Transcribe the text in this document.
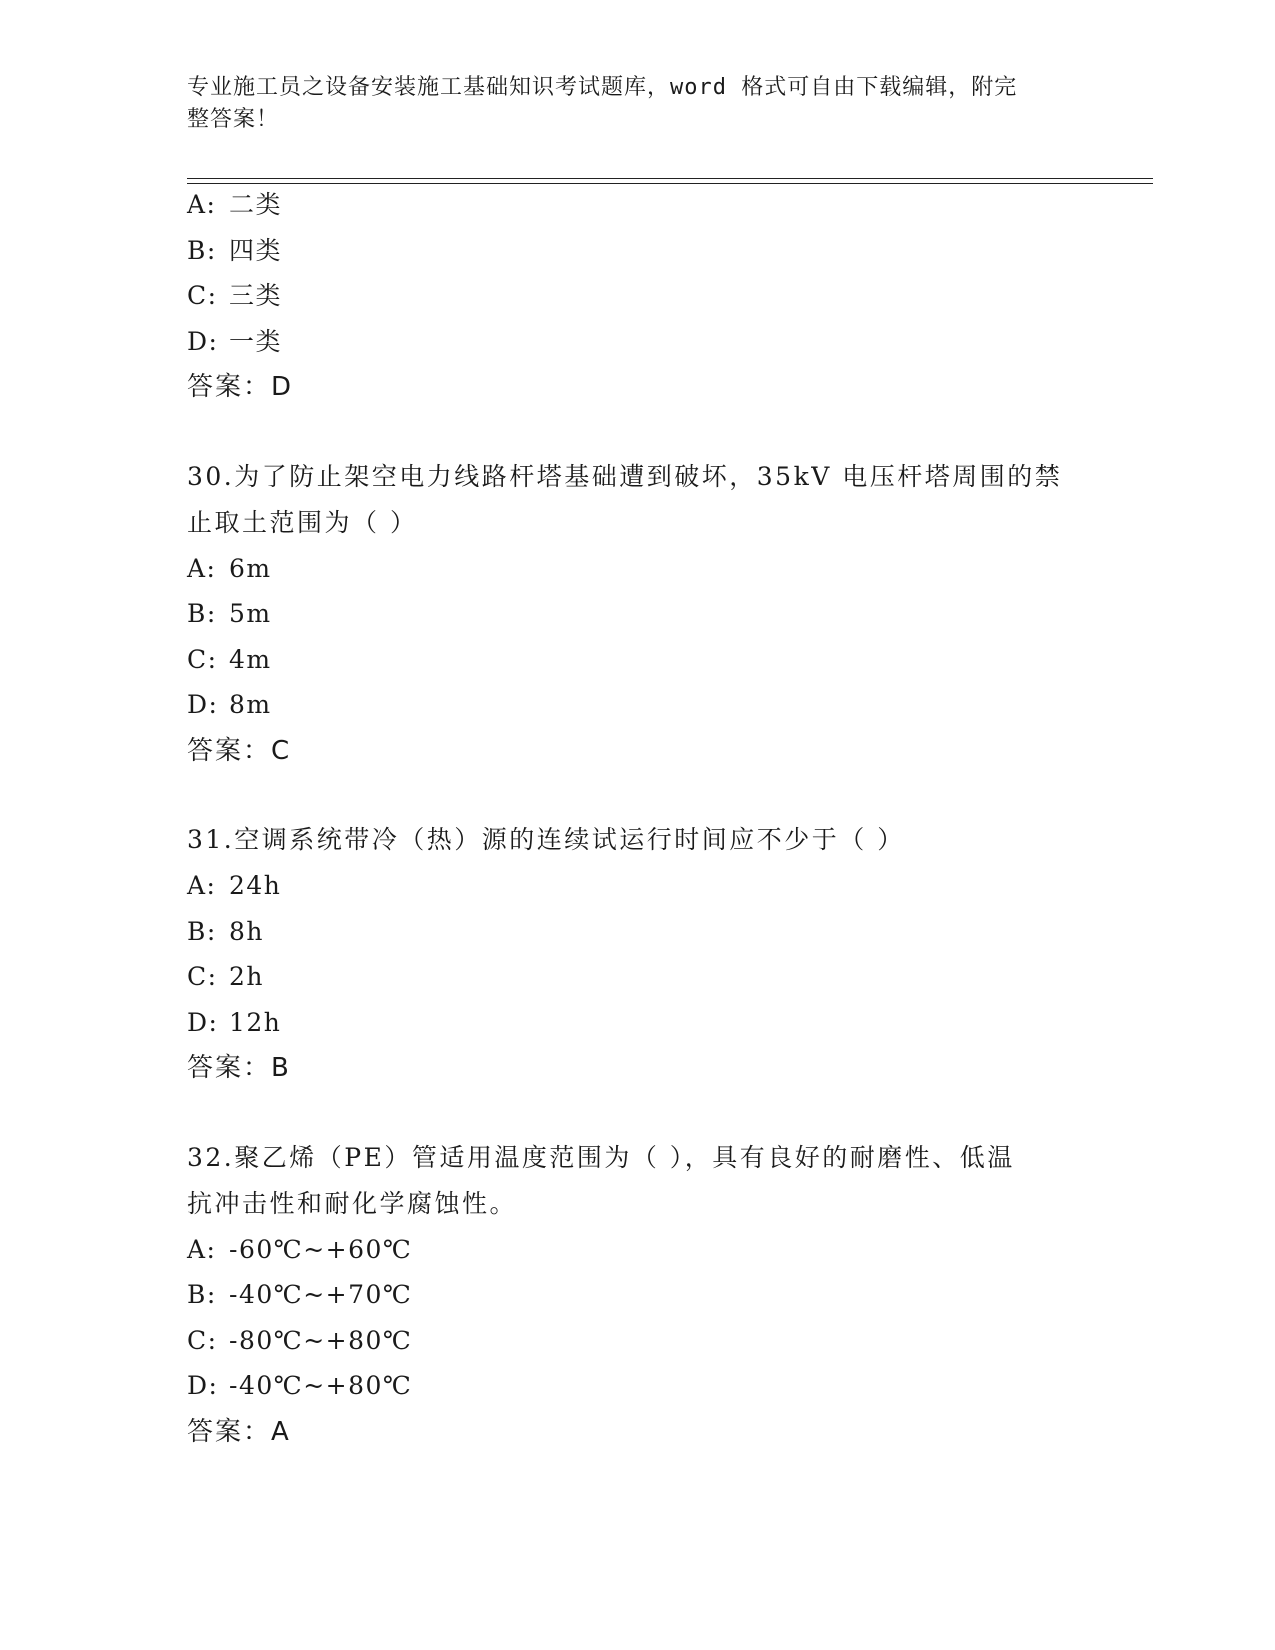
专业施工员之设备安装施工基础知识考试题库，word 格式可自由下载编辑，附完
整答案！
A: 二类
B: 四类
C: 三类
D: 一类
答案：D
30.为了防止架空电力线路杆塔基础遭到破坏，35kV 电压杆塔周围的禁
止取土范围为（ ）
A: 6m
B: 5m
C: 4m
D: 8m
答案：C
31.空调系统带冷（热）源的连续试运行时间应不少于（ ）
A: 24h
B: 8h
C: 2h
D: 12h
答案：B
32.聚乙烯（PE）管适用温度范围为（ ），具有良好的耐磨性、低温
抗冲击性和耐化学腐蚀性。
A: -60℃~+60℃
B: -40℃~+70℃
C: -80℃~+80℃
D: -40℃~+80℃
答案：A
